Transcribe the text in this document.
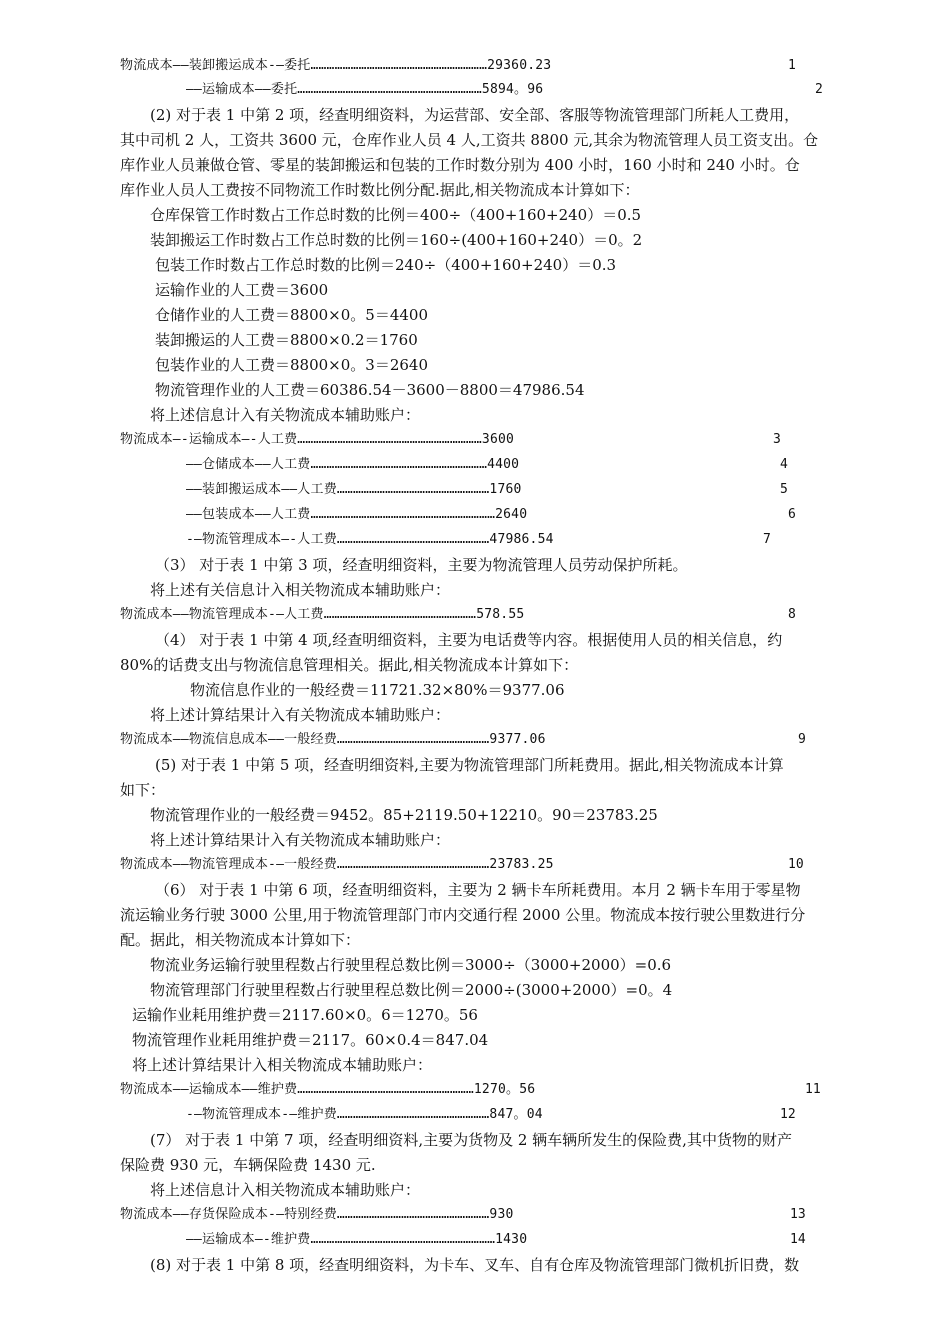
物流成本——装卸搬运成本-—委托…………………………………………………………29360.23	1
——运输成本——委托……………………………………………………………5894。96	2
(2) 对于表 1 中第 2 项，经查明细资料，为运营部、安全部、客服等物流管理部门所耗人工费用，
其中司机 2 人，工资共 3600 元，仓库作业人员 4 人,工资共 8800 元,其余为物流管理人员工资支出。仓
库作业人员兼做仓管、零星的装卸搬运和包装的工作时数分别为 400 小时，160 小时和 240 小时。仓
库作业人员人工费按不同物流工作时数比例分配.据此,相关物流成本计算如下：
仓库保管工作时数占工作总时数的比例＝400÷（400+160+240）＝0.5
装卸搬运工作时数占工作总时数的比例＝160÷(400+160+240）＝0。2
包装工作时数占工作总时数的比例＝240÷（400+160+240）＝0.3
运输作业的人工费＝3600
仓储作业的人工费＝8800×0。5＝4400
装卸搬运的人工费＝8800×0.2＝1760
包装作业的人工费＝8800×0。3＝2640
物流管理作业的人工费＝60386.54－3600－8800＝47986.54
将上述信息计入有关物流成本辅助账户：
物流成本—-运输成本—-人工费……………………………………………………………3600	3
——仓储成本——人工费…………………………………………………………4400	4
——装卸搬运成本——人工费…………………………………………………1760	5
——包装成本——人工费……………………………………………………………2640	6
-—物流管理成本—-人工费…………………………………………………47986.54	7
（3） 对于表 1 中第 3 项，经查明细资料，主要为物流管理人员劳动保护所耗。
将上述有关信息计入相关物流成本辅助账户：
物流成本——物流管理成本-—人工费…………………………………………………578.55	8
（4） 对于表 1 中第 4 项,经查明细资料，主要为电话费等内容。根据使用人员的相关信息，约
80%的话费支出与物流信息管理相关。据此,相关物流成本计算如下：
物流信息作业的一般经费＝11721.32×80%＝9377.06
将上述计算结果计入有关物流成本辅助账户：
物流成本——物流信息成本——一般经费…………………………………………………9377.06	9
(5) 对于表 1 中第 5 项，经查明细资料,主要为物流管理部门所耗费用。据此,相关物流成本计算
如下：
物流管理作业的一般经费＝9452。85+2119.50+12210。90＝23783.25
将上述计算结果计入有关物流成本辅助账户：
物流成本——物流管理成本-—一般经费…………………………………………………23783.25	10
（6） 对于表 1 中第 6 项，经查明细资料，主要为 2 辆卡车所耗费用。本月 2 辆卡车用于零星物
流运输业务行驶 3000 公里,用于物流管理部门市内交通行程 2000 公里。物流成本按行驶公里数进行分
配。据此，相关物流成本计算如下：
物流业务运输行驶里程数占行驶里程总数比例＝3000÷（3000+2000）=0.6
物流管理部门行驶里程数占行驶里程总数比例＝2000÷(3000+2000）=0。4
运输作业耗用维护费＝2117.60×0。6＝1270。56
物流管理作业耗用维护费＝2117。60×0.4＝847.04
将上述计算结果计入相关物流成本辅助账户：
物流成本——运输成本——维护费…………………………………………………………1270。56	11
-—物流管理成本-—维护费…………………………………………………847。04	12
(7） 对于表 1 中第 7 项，经查明细资料,主要为货物及 2 辆车辆所发生的保险费,其中货物的财产
保险费 930 元，车辆保险费 1430 元.
将上述信息计入相关物流成本辅助账户：
物流成本——存货保险成本-—特别经费…………………………………………………930	13
——运输成本—-维护费……………………………………………………………1430	14
(8) 对于表 1 中第 8 项，经查明细资料，为卡车、叉车、自有仓库及物流管理部门微机折旧费，数
